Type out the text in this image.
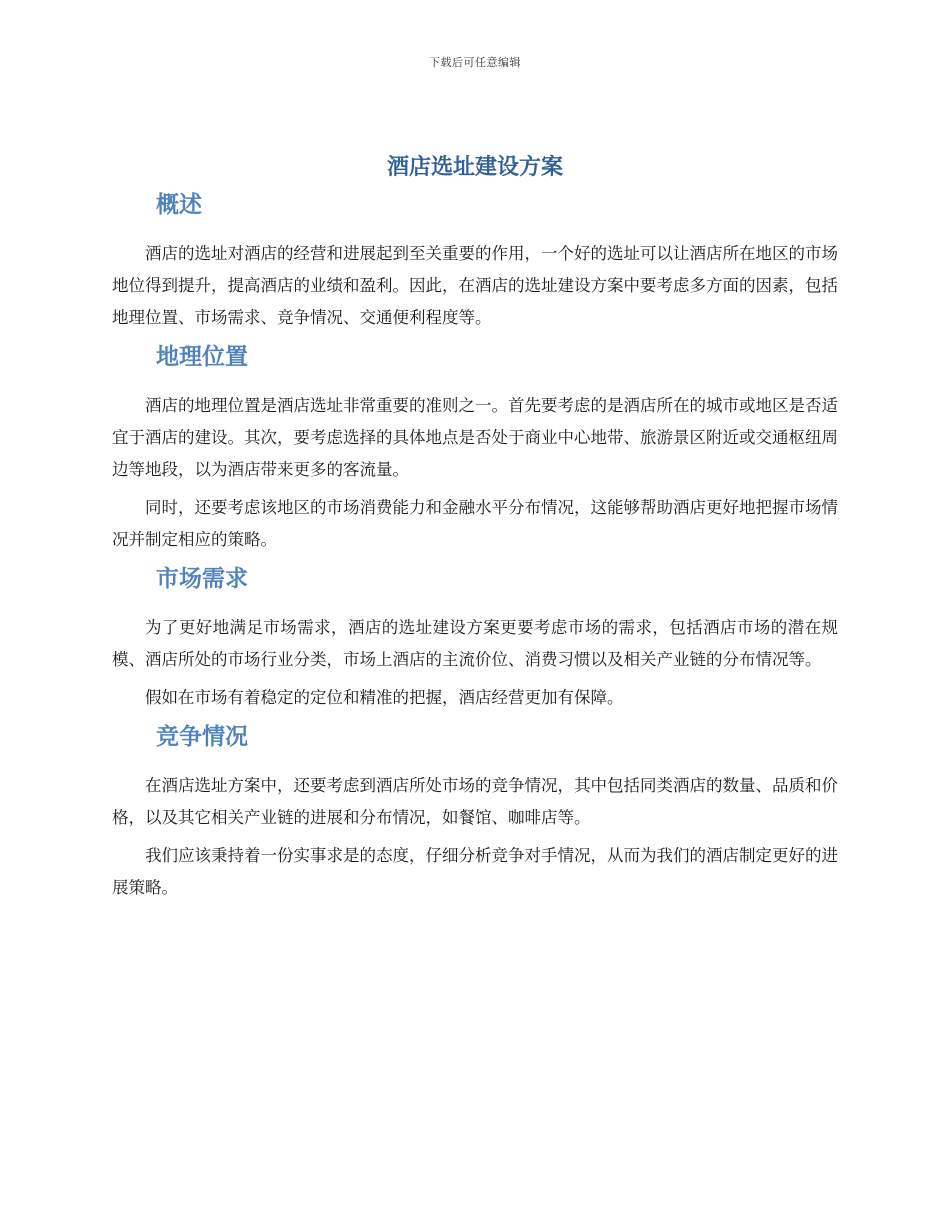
下载后可任意编辑
酒店选址建设方案
概述

酒店的选址对酒店的经营和进展起到至关重要的作用，一个好的选址可以让酒店所在地区的市场地位得到提升，提高酒店的业绩和盈利。因此，在酒店的选址建设方案中要考虑多方面的因素，包括地理位置、市场需求、竞争情况、交通便利程度等。

地理位置

酒店的地理位置是酒店选址非常重要的准则之一。首先要考虑的是酒店所在的城市或地区是否适宜于酒店的建设。其次，要考虑选择的具体地点是否处于商业中心地带、旅游景区附近或交通枢纽周边等地段，以为酒店带来更多的客流量。

同时，还要考虑该地区的市场消费能力和金融水平分布情况，这能够帮助酒店更好地把握市场情况并制定相应的策略。

市场需求

为了更好地满足市场需求，酒店的选址建设方案更要考虑市场的需求，包括酒店市场的潜在规模、酒店所处的市场行业分类，市场上酒店的主流价位、消费习惯以及相关产业链的分布情况等。

假如在市场有着稳定的定位和精准的把握，酒店经营更加有保障。

竞争情况

在酒店选址方案中，还要考虑到酒店所处市场的竞争情况，其中包括同类酒店的数量、品质和价格，以及其它相关产业链的进展和分布情况，如餐馆、咖啡店等。

我们应该秉持着一份实事求是的态度，仔细分析竞争对手情况，从而为我们的酒店制定更好的进展策略。
